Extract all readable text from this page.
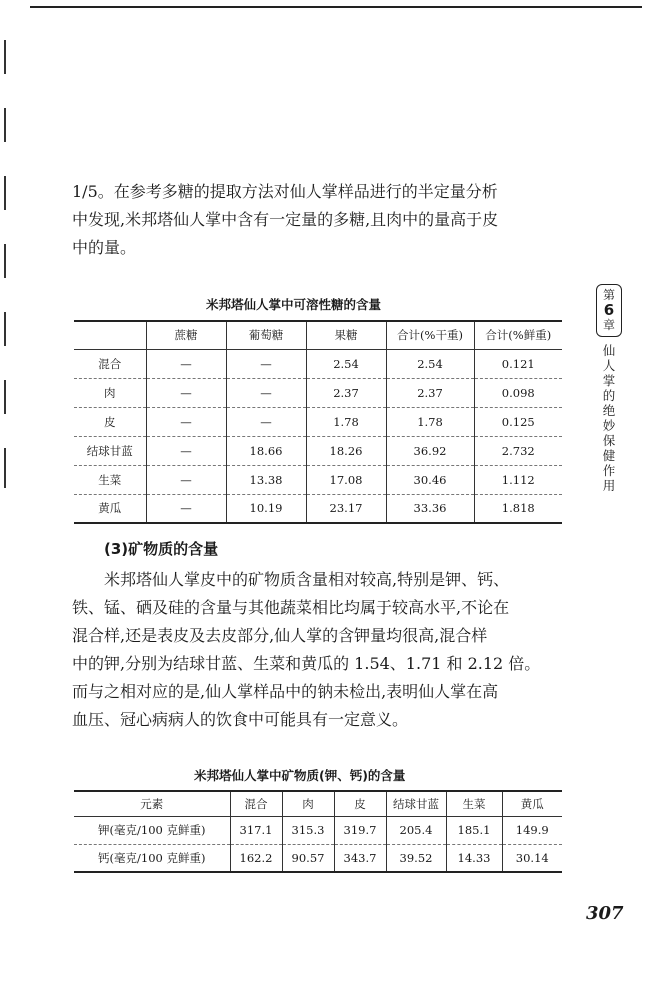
1/5。在参考多糖的提取方法对仙人掌样品进行的半定量分析
中发现,米邦塔仙人掌中含有一定量的多糖,且肉中的量高于皮
中的量。

米邦塔仙人掌中可溶性糖的含量
	蔗糖	葡萄糖	果糖	合计(%干重)	合计(%鲜重)
混合	—	—	2.54	2.54	0.121
肉	—	—	2.37	2.37	0.098
皮	—	—	1.78	1.78	0.125
结球甘蓝	—	18.66	18.26	36.92	2.732
生菜	—	13.38	17.08	30.46	1.112
黄瓜	—	10.19	23.17	33.36	1.818
(3)矿物质的含量

米邦塔仙人掌皮中的矿物质含量相对较高,特别是钾、钙、
铁、锰、硒及硅的含量与其他蔬菜相比均属于较高水平,不论在
混合样,还是表皮及去皮部分,仙人掌的含钾量均很高,混合样
中的钾,分别为结球甘蓝、生菜和黄瓜的 1.54、1.71 和 2.12 倍。
而与之相对应的是,仙人掌样品中的钠未检出,表明仙人掌在高
血压、冠心病病人的饮食中可能具有一定意义。

米邦塔仙人掌中矿物质(钾、钙)的含量
元素	混合	肉	皮	结球甘蓝	生菜	黄瓜
钾(毫克/100 克鲜重)	317.1	315.3	319.7	205.4	185.1	149.9
钙(毫克/100 克鲜重)	162.2	90.57	343.7	39.52	14.33	30.14
第
6
章
仙
人
掌
的
绝
妙
保
健
作
用
307
